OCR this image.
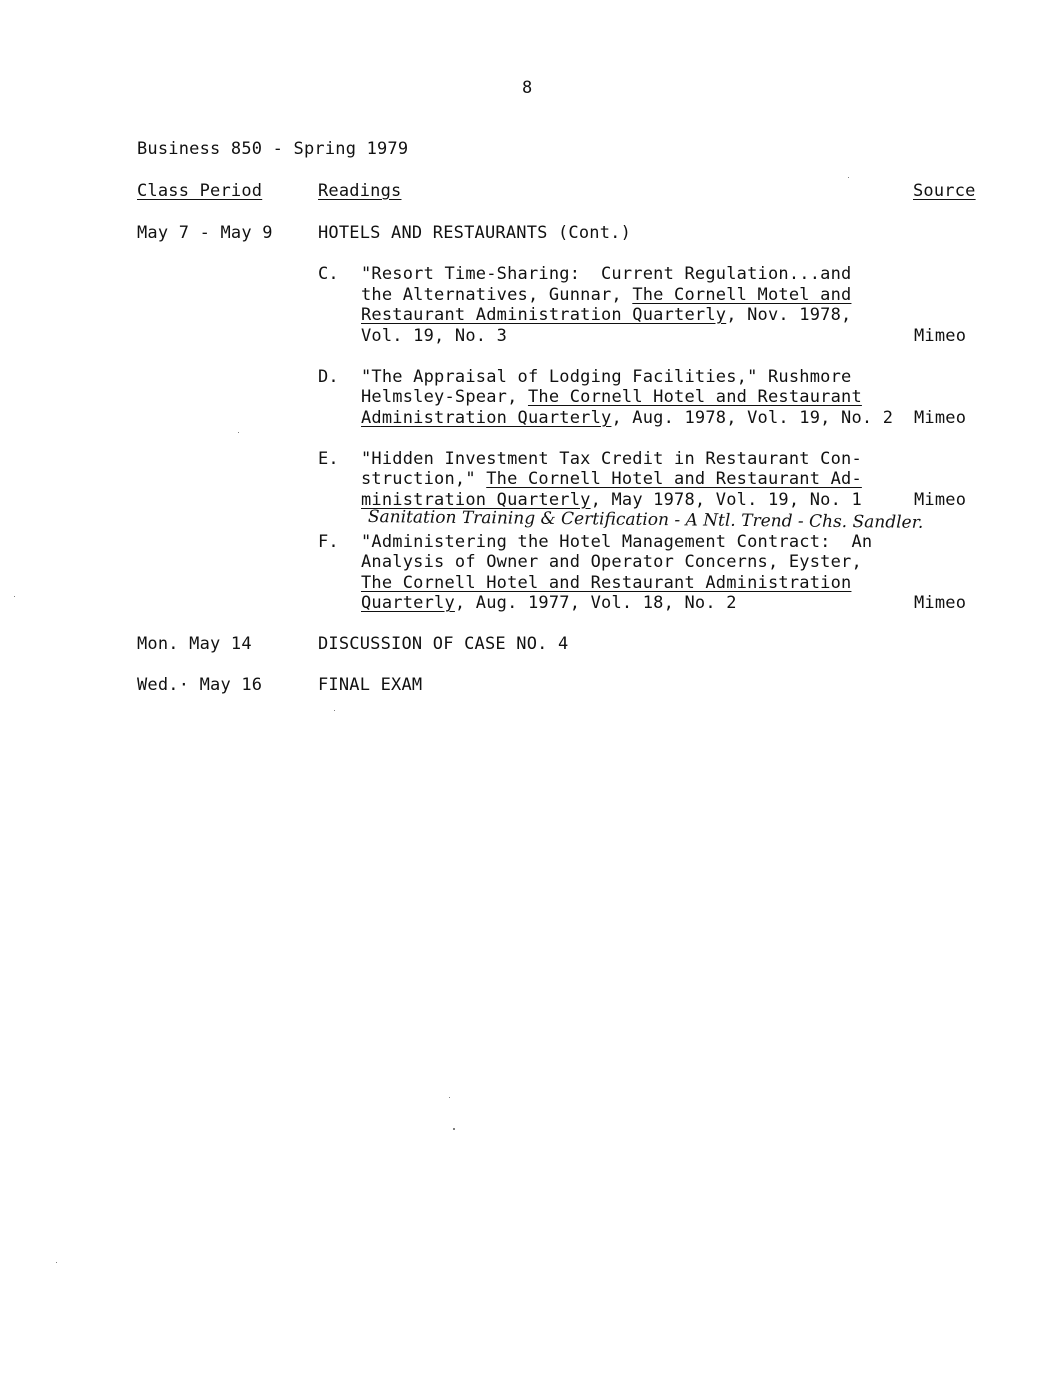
8
Business 850 - Spring 1979
Class Period	Readings	Source
May 7 - May 9	HOTELS AND RESTAURANTS (Cont.)
C. "Resort Time-Sharing:  Current Regulation...and
the Alternatives, Gunnar, The Cornell Motel and
Restaurant Administration Quarterly, Nov. 1978,
Vol. 19, No. 3	Mimeo
D. "The Appraisal of Lodging Facilities," Rushmore
Helmsley-Spear, The Cornell Hotel and Restaurant
Administration Quarterly, Aug. 1978, Vol. 19, No. 2 Mimeo
E. "Hidden Investment Tax Credit in Restaurant Con-
struction," The Cornell Hotel and Restaurant Ad-
ministration Quarterly, May 1978, Vol. 19, No. 1	Mimeo
Sanitation Training & Certification - A Ntl. Trend - Chs. Sandler.
F. "Administering the Hotel Management Contract:  An
Analysis of Owner and Operator Concerns, Eyster,
The Cornell Hotel and Restaurant Administration
Quarterly, Aug. 1977, Vol. 18, No. 2	Mimeo
Mon. May 14	DISCUSSION OF CASE NO. 4
Wed.· May 16	FINAL EXAM
